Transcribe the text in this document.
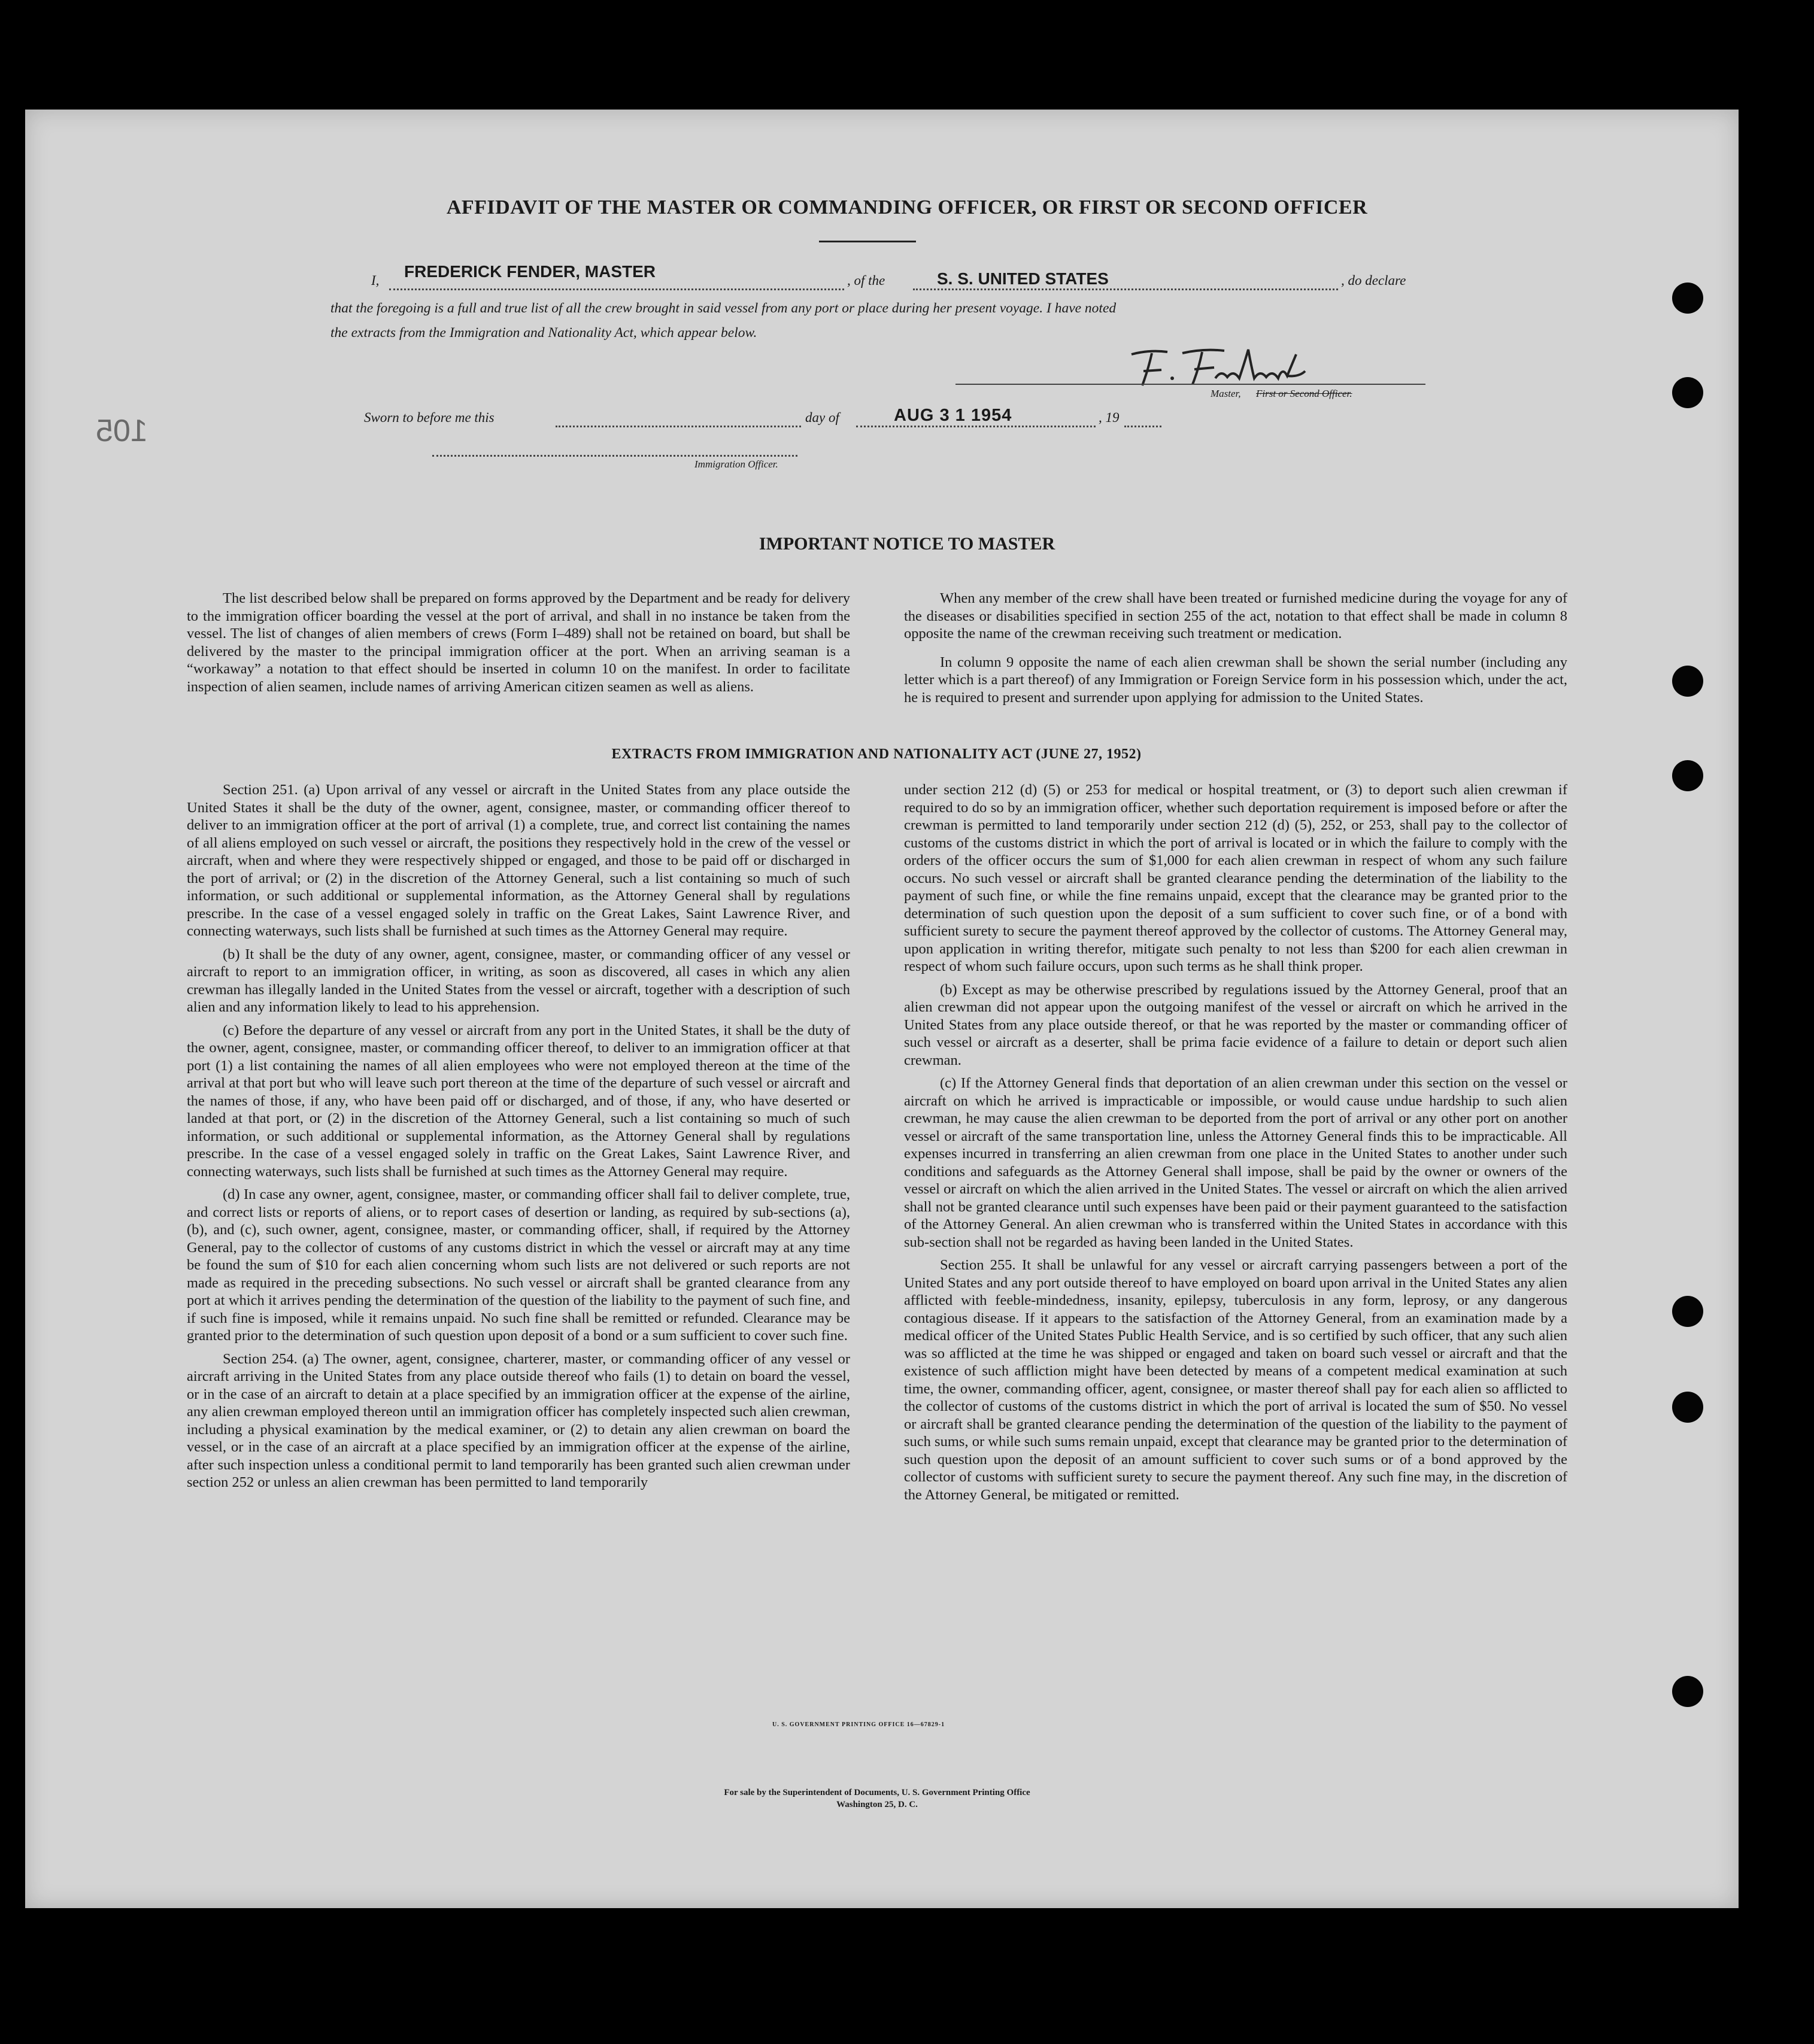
105
AFFIDAVIT OF THE MASTER OR COMMANDING OFFICER, OR FIRST OR SECOND OFFICER
I, FREDERICK FENDER, MASTER	, of the	S. S. UNITED STATES	, do declare
that the foregoing is a full and true list of all the crew brought in said vessel from any port or place during her present voyage. I have noted
the extracts from the Immigration and Nationality Act, which appear below.
Master, First or Second Officer.
Sworn to before me this	day of	AUG 3 1 1954	, 19
Immigration Officer.
IMPORTANT NOTICE TO MASTER

The list described below shall be prepared on forms approved by the Department and be ready for delivery to the immigration officer boarding the vessel at the port of arrival, and shall in no instance be taken from the vessel. The list of changes of alien members of crews (Form I–489) shall not be retained on board, but shall be delivered by the master to the principal immigration officer at the port. When an arriving seaman is a “workaway” a notation to that effect should be inserted in column 10 on the manifest. In order to facilitate inspection of alien seamen, include names of arriving American citizen seamen as well as aliens.

When any member of the crew shall have been treated or furnished medicine during the voyage for any of the diseases or disabilities specified in section 255 of the act, notation to that effect shall be made in column 8 opposite the name of the crewman receiving such treatment or medication.

In column 9 opposite the name of each alien crewman shall be shown the serial number (including any letter which is a part thereof) of any Immigration or Foreign Service form in his possession which, under the act, he is required to present and surrender upon applying for admission to the United States.

EXTRACTS FROM IMMIGRATION AND NATIONALITY ACT (JUNE 27, 1952)

Section 251. (a) Upon arrival of any vessel or aircraft in the United States from any place outside the United States it shall be the duty of the owner, agent, consignee, master, or commanding officer thereof to deliver to an immigration officer at the port of arrival (1) a complete, true, and correct list containing the names of all aliens employed on such vessel or aircraft, the positions they respectively hold in the crew of the vessel or aircraft, when and where they were respectively shipped or engaged, and those to be paid off or discharged in the port of arrival; or (2) in the discretion of the Attorney General, such a list containing so much of such information, or such additional or supplemental information, as the Attorney General shall by regulations prescribe. In the case of a vessel engaged solely in traffic on the Great Lakes, Saint Lawrence River, and connecting waterways, such lists shall be furnished at such times as the Attorney General may require.

(b) It shall be the duty of any owner, agent, consignee, master, or commanding officer of any vessel or aircraft to report to an immigration officer, in writing, as soon as discovered, all cases in which any alien crewman has illegally landed in the United States from the vessel or aircraft, together with a description of such alien and any information likely to lead to his apprehension.

(c) Before the departure of any vessel or aircraft from any port in the United States, it shall be the duty of the owner, agent, consignee, master, or commanding officer thereof, to deliver to an immigration officer at that port (1) a list containing the names of all alien employees who were not employed thereon at the time of the arrival at that port but who will leave such port thereon at the time of the departure of such vessel or aircraft and the names of those, if any, who have been paid off or discharged, and of those, if any, who have deserted or landed at that port, or (2) in the discretion of the Attorney General, such a list containing so much of such information, or such additional or supplemental information, as the Attorney General shall by regulations prescribe. In the case of a vessel engaged solely in traffic on the Great Lakes, Saint Lawrence River, and connecting waterways, such lists shall be furnished at such times as the Attorney General may require.

(d) In case any owner, agent, consignee, master, or commanding officer shall fail to deliver complete, true, and correct lists or reports of aliens, or to report cases of desertion or landing, as required by sub-sections (a), (b), and (c), such owner, agent, consignee, master, or commanding officer, shall, if required by the Attorney General, pay to the collector of customs of any customs district in which the vessel or aircraft may at any time be found the sum of $10 for each alien concerning whom such lists are not delivered or such reports are not made as required in the preceding subsections. No such vessel or aircraft shall be granted clearance from any port at which it arrives pending the determination of the question of the liability to the payment of such fine, and if such fine is imposed, while it remains unpaid. No such fine shall be remitted or refunded. Clearance may be granted prior to the determination of such question upon deposit of a bond or a sum sufficient to cover such fine.

Section 254. (a) The owner, agent, consignee, charterer, master, or commanding officer of any vessel or aircraft arriving in the United States from any place outside thereof who fails (1) to detain on board the vessel, or in the case of an aircraft to detain at a place specified by an immigration officer at the expense of the airline, any alien crewman employed thereon until an immigration officer has completely inspected such alien crewman, including a physical examination by the medical examiner, or (2) to detain any alien crewman on board the vessel, or in the case of an aircraft at a place specified by an immigration officer at the expense of the airline, after such inspection unless a conditional permit to land temporarily has been granted such alien crewman under section 252 or unless an alien crewman has been permitted to land temporarily

under section 212 (d) (5) or 253 for medical or hospital treatment, or (3) to deport such alien crewman if required to do so by an immigration officer, whether such deportation requirement is imposed before or after the crewman is permitted to land temporarily under section 212 (d) (5), 252, or 253, shall pay to the collector of customs of the customs district in which the port of arrival is located or in which the failure to comply with the orders of the officer occurs the sum of $1,000 for each alien crewman in respect of whom any such failure occurs. No such vessel or aircraft shall be granted clearance pending the determination of the liability to the payment of such fine, or while the fine remains unpaid, except that the clearance may be granted prior to the determination of such question upon the deposit of a sum sufficient to cover such fine, or of a bond with sufficient surety to secure the payment thereof approved by the collector of customs. The Attorney General may, upon application in writing therefor, mitigate such penalty to not less than $200 for each alien crewman in respect of whom such failure occurs, upon such terms as he shall think proper.

(b) Except as may be otherwise prescribed by regulations issued by the Attorney General, proof that an alien crewman did not appear upon the outgoing manifest of the vessel or aircraft on which he arrived in the United States from any place outside thereof, or that he was reported by the master or commanding officer of such vessel or aircraft as a deserter, shall be prima facie evidence of a failure to detain or deport such alien crewman.

(c) If the Attorney General finds that deportation of an alien crewman under this section on the vessel or aircraft on which he arrived is impracticable or impossible, or would cause undue hardship to such alien crewman, he may cause the alien crewman to be deported from the port of arrival or any other port on another vessel or aircraft of the same transportation line, unless the Attorney General finds this to be impracticable. All expenses incurred in transferring an alien crewman from one place in the United States to another under such conditions and safeguards as the Attorney General shall impose, shall be paid by the owner or owners of the vessel or aircraft on which the alien arrived in the United States. The vessel or aircraft on which the alien arrived shall not be granted clearance until such expenses have been paid or their payment guaranteed to the satisfaction of the Attorney General. An alien crewman who is transferred within the United States in accordance with this sub-section shall not be regarded as having been landed in the United States.

Section 255. It shall be unlawful for any vessel or aircraft carrying passengers between a port of the United States and any port outside thereof to have employed on board upon arrival in the United States any alien afflicted with feeble-mindedness, insanity, epilepsy, tuberculosis in any form, leprosy, or any dangerous contagious disease. If it appears to the satisfaction of the Attorney General, from an examination made by a medical officer of the United States Public Health Service, and is so certified by such officer, that any such alien was so afflicted at the time he was shipped or engaged and taken on board such vessel or aircraft and that the existence of such affliction might have been detected by means of a competent medical examination at such time, the owner, commanding officer, agent, consignee, or master thereof shall pay for each alien so afflicted to the collector of customs of the customs district in which the port of arrival is located the sum of $50. No vessel or aircraft shall be granted clearance pending the determination of the question of the liability to the payment of such sums, or while such sums remain unpaid, except that clearance may be granted prior to the determination of such question upon the deposit of an amount sufficient to cover such sums or of a bond approved by the collector of customs with sufficient surety to secure the payment thereof. Any such fine may, in the discretion of the Attorney General, be mitigated or remitted.

U. S. GOVERNMENT PRINTING OFFICE 16—67829-1
For sale by the Superintendent of Documents, U. S. Government Printing Office
Washington 25, D. C.
